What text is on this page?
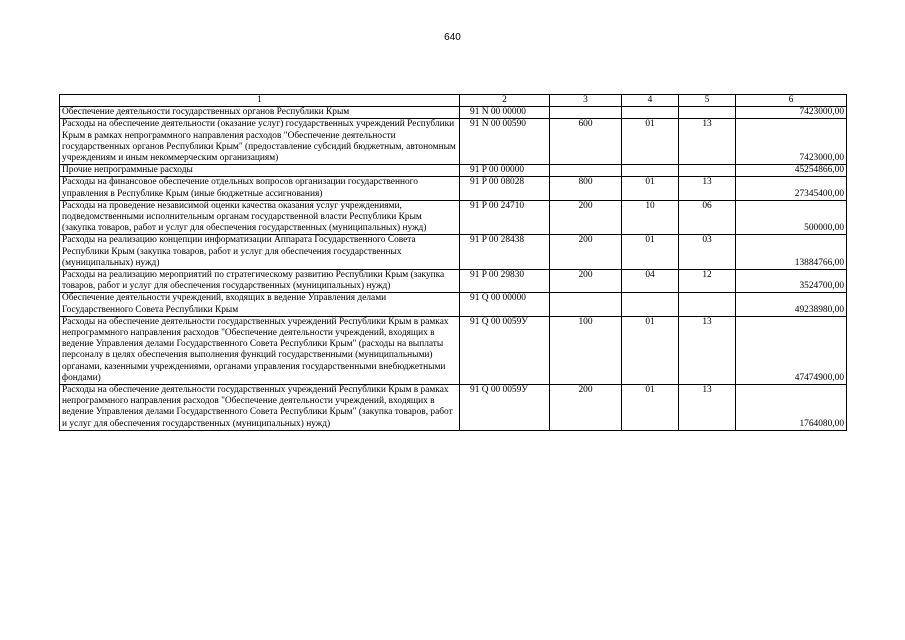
640
1	2	3	4	5	6
Обеспечение деятельности государственных органов Республики Крым	91 N 00 00000				7423000,00
Расходы на обеспечение деятельности (оказание услуг) государственных учреждений Республики Крым в рамках непрограммного направления расходов "Обеспечение деятельности государственных органов Республики Крым" (предоставление субсидий бюджетным, автономным учреждениям и иным некоммерческим организациям)	91 N 00 00590	600	01	13	7423000,00
Прочие непрограммные расходы	91 P 00 00000				45254866,00
Расходы на финансовое обеспечение отдельных вопросов организации государственного управления в Республике Крым (иные бюджетные ассигнования)	91 P 00 08028	800	01	13	27345400,00
Расходы на проведение независимой оценки качества оказания услуг учреждениями, подведомственными исполнительным органам государственной власти Республики Крым (закупка товаров, работ и услуг для обеспечения государственных (муниципальных) нужд)	91 P 00 24710	200	10	06	500000,00
Расходы на реализацию концепции информатизации Аппарата Государственного Совета Республики Крым (закупка товаров, работ и услуг для обеспечения государственных (муниципальных) нужд)	91 P 00 28438	200	01	03	13884766,00
Расходы на реализацию мероприятий по стратегическому развитию Республики Крым (закупка товаров, работ и услуг для обеспечения государственных (муниципальных) нужд)	91 P 00 29830	200	04	12	3524700,00
Обеспечение деятельности учреждений, входящих в ведение Управления делами Государственного Совета Республики Крым	91 Q 00 00000				49238980,00
Расходы на обеспечение деятельности государственных учреждений Республики Крым в рамках непрограммного направления расходов "Обеспечение деятельности учреждений, входящих в ведение Управления делами Государственного Совета Республики Крым" (расходы на выплаты персоналу в целях обеспечения выполнения функций государственными (муниципальными) органами, казенными учреждениями, органами управления государственными внебюджетными фондами)	91 Q 00 0059У	100	01	13	47474900,00
Расходы на обеспечение деятельности государственных учреждений Республики Крым в рамках непрограммного направления расходов "Обеспечение деятельности учреждений, входящих в ведение Управления делами Государственного Совета Республики Крым" (закупка товаров, работ и услуг для обеспечения государственных (муниципальных) нужд)	91 Q 00 0059У	200	01	13	1764080,00
